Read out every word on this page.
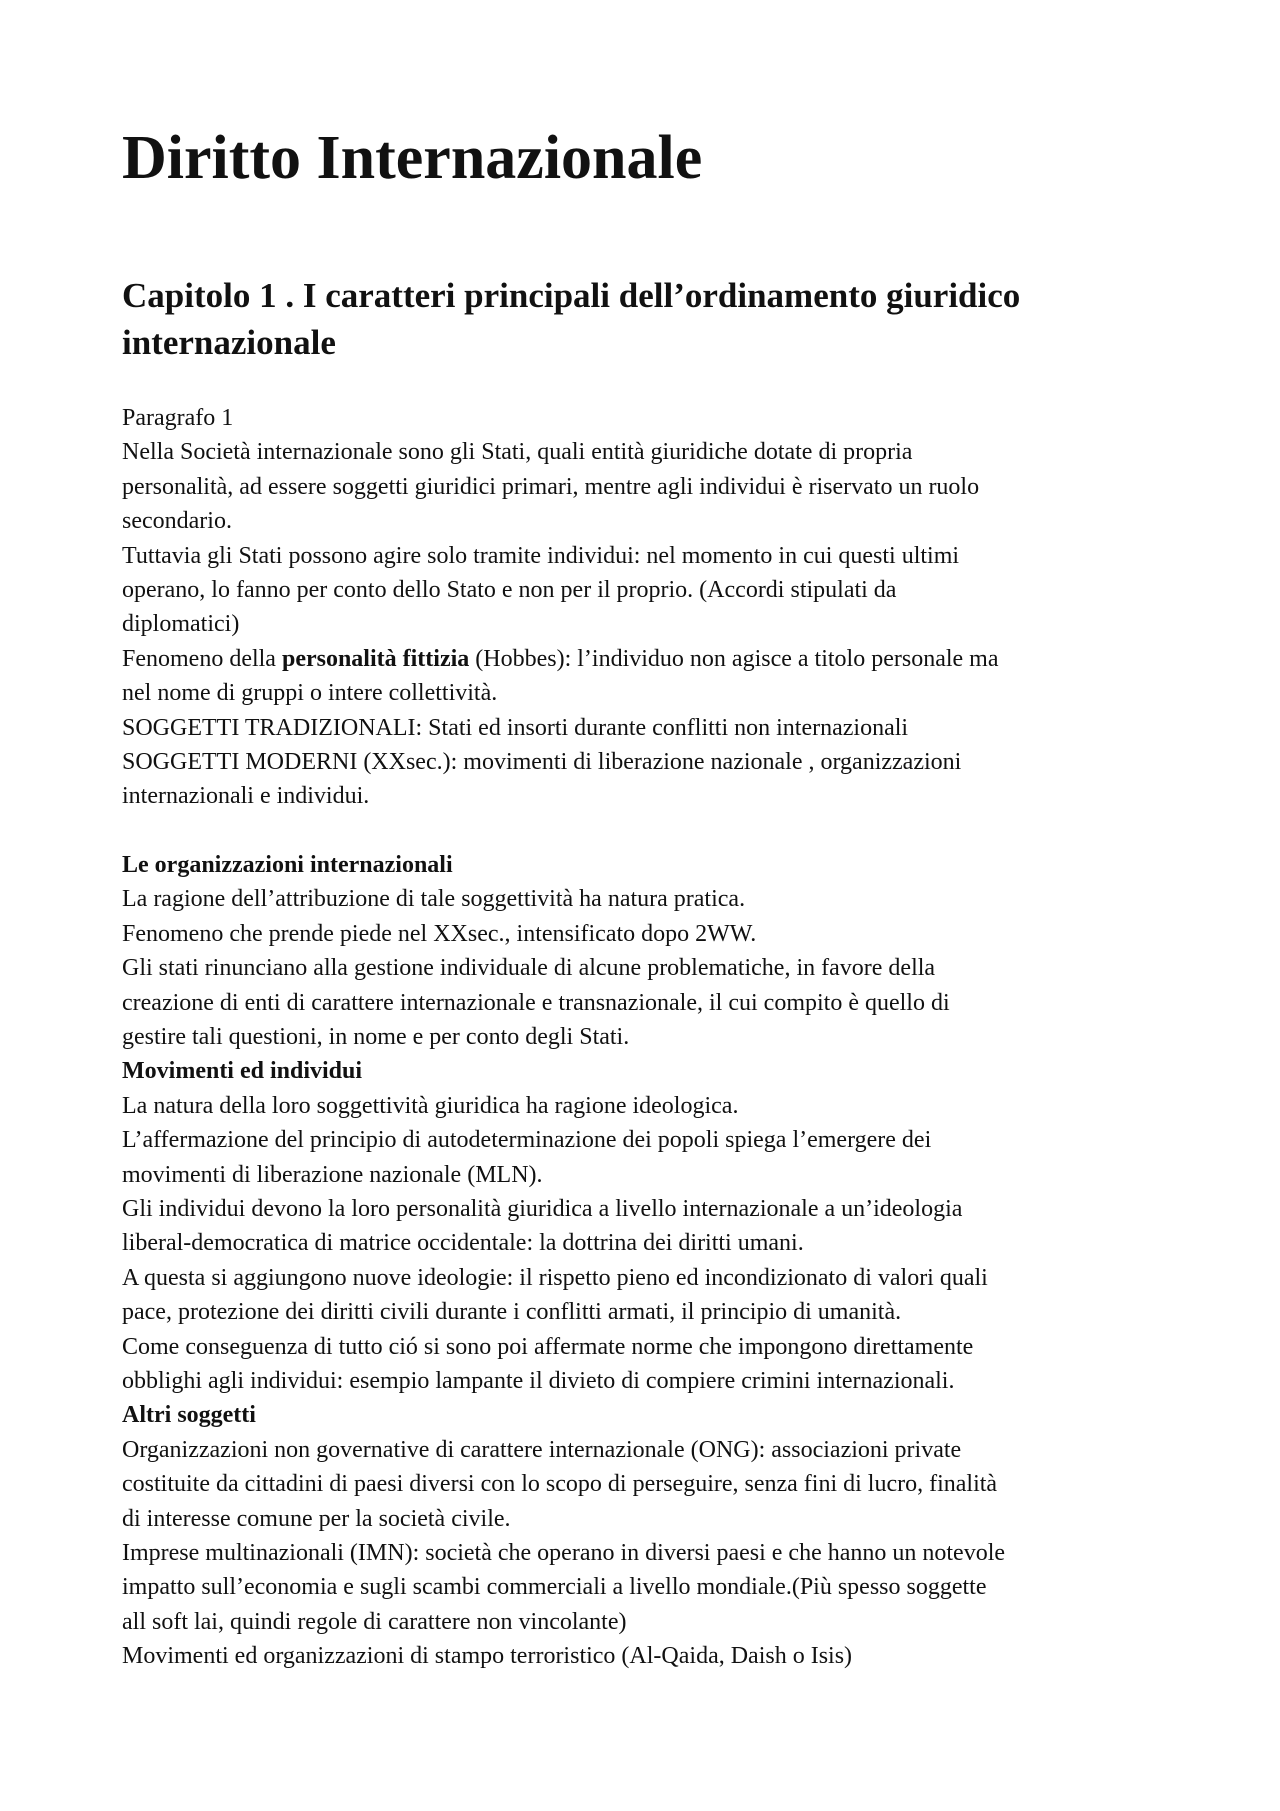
Diritto Internazionale
Capitolo 1 . I caratteri principali dell’ordinamento giuridico internazionale
Paragrafo 1
Nella Società internazionale sono gli Stati, quali entità giuridiche dotate di propria
personalità, ad essere soggetti giuridici primari, mentre agli individui è riservato un ruolo
secondario.
Tuttavia gli Stati possono agire solo tramite individui: nel momento in cui questi ultimi
operano, lo fanno per conto dello Stato e non per il proprio. (Accordi stipulati da
diplomatici)
Fenomeno della personalità fittizia (Hobbes): l’individuo non agisce a titolo personale ma
nel nome di gruppi o intere collettività.
SOGGETTI TRADIZIONALI: Stati ed insorti durante conflitti non internazionali
SOGGETTI MODERNI (XXsec.): movimenti di liberazione nazionale , organizzazioni
internazionali e individui.
Le organizzazioni internazionali
La ragione dell’attribuzione di tale soggettività ha natura pratica.
Fenomeno che prende piede nel XXsec., intensificato dopo 2WW.
Gli stati rinunciano alla gestione individuale di alcune problematiche, in favore della
creazione di enti di carattere internazionale e transnazionale, il cui compito è quello di
gestire tali questioni, in nome e per conto degli Stati.
Movimenti ed individui
La natura della loro soggettività giuridica ha ragione ideologica.
L’affermazione del principio di autodeterminazione dei popoli spiega l’emergere dei
movimenti di liberazione nazionale (MLN).
Gli individui devono la loro personalità giuridica a livello internazionale a un’ideologia
liberal-democratica di matrice occidentale: la dottrina dei diritti umani.
A questa si aggiungono nuove ideologie: il rispetto pieno ed incondizionato di valori quali
pace, protezione dei diritti civili durante i conflitti armati, il principio di umanità.
Come conseguenza di tutto ció si sono poi affermate norme che impongono direttamente
obblighi agli individui: esempio lampante il divieto di compiere crimini internazionali.
Altri soggetti
Organizzazioni non governative di carattere internazionale (ONG): associazioni private
costituite da cittadini di paesi diversi con lo scopo di perseguire, senza fini di lucro, finalità
di interesse comune per la società civile.
Imprese multinazionali (IMN): società che operano in diversi paesi e che hanno un notevole
impatto sull’economia e sugli scambi commerciali a livello mondiale.(Più spesso soggette
all soft lai, quindi regole di carattere non vincolante)
Movimenti ed organizzazioni di stampo terroristico (Al-Qaida, Daish o Isis)
